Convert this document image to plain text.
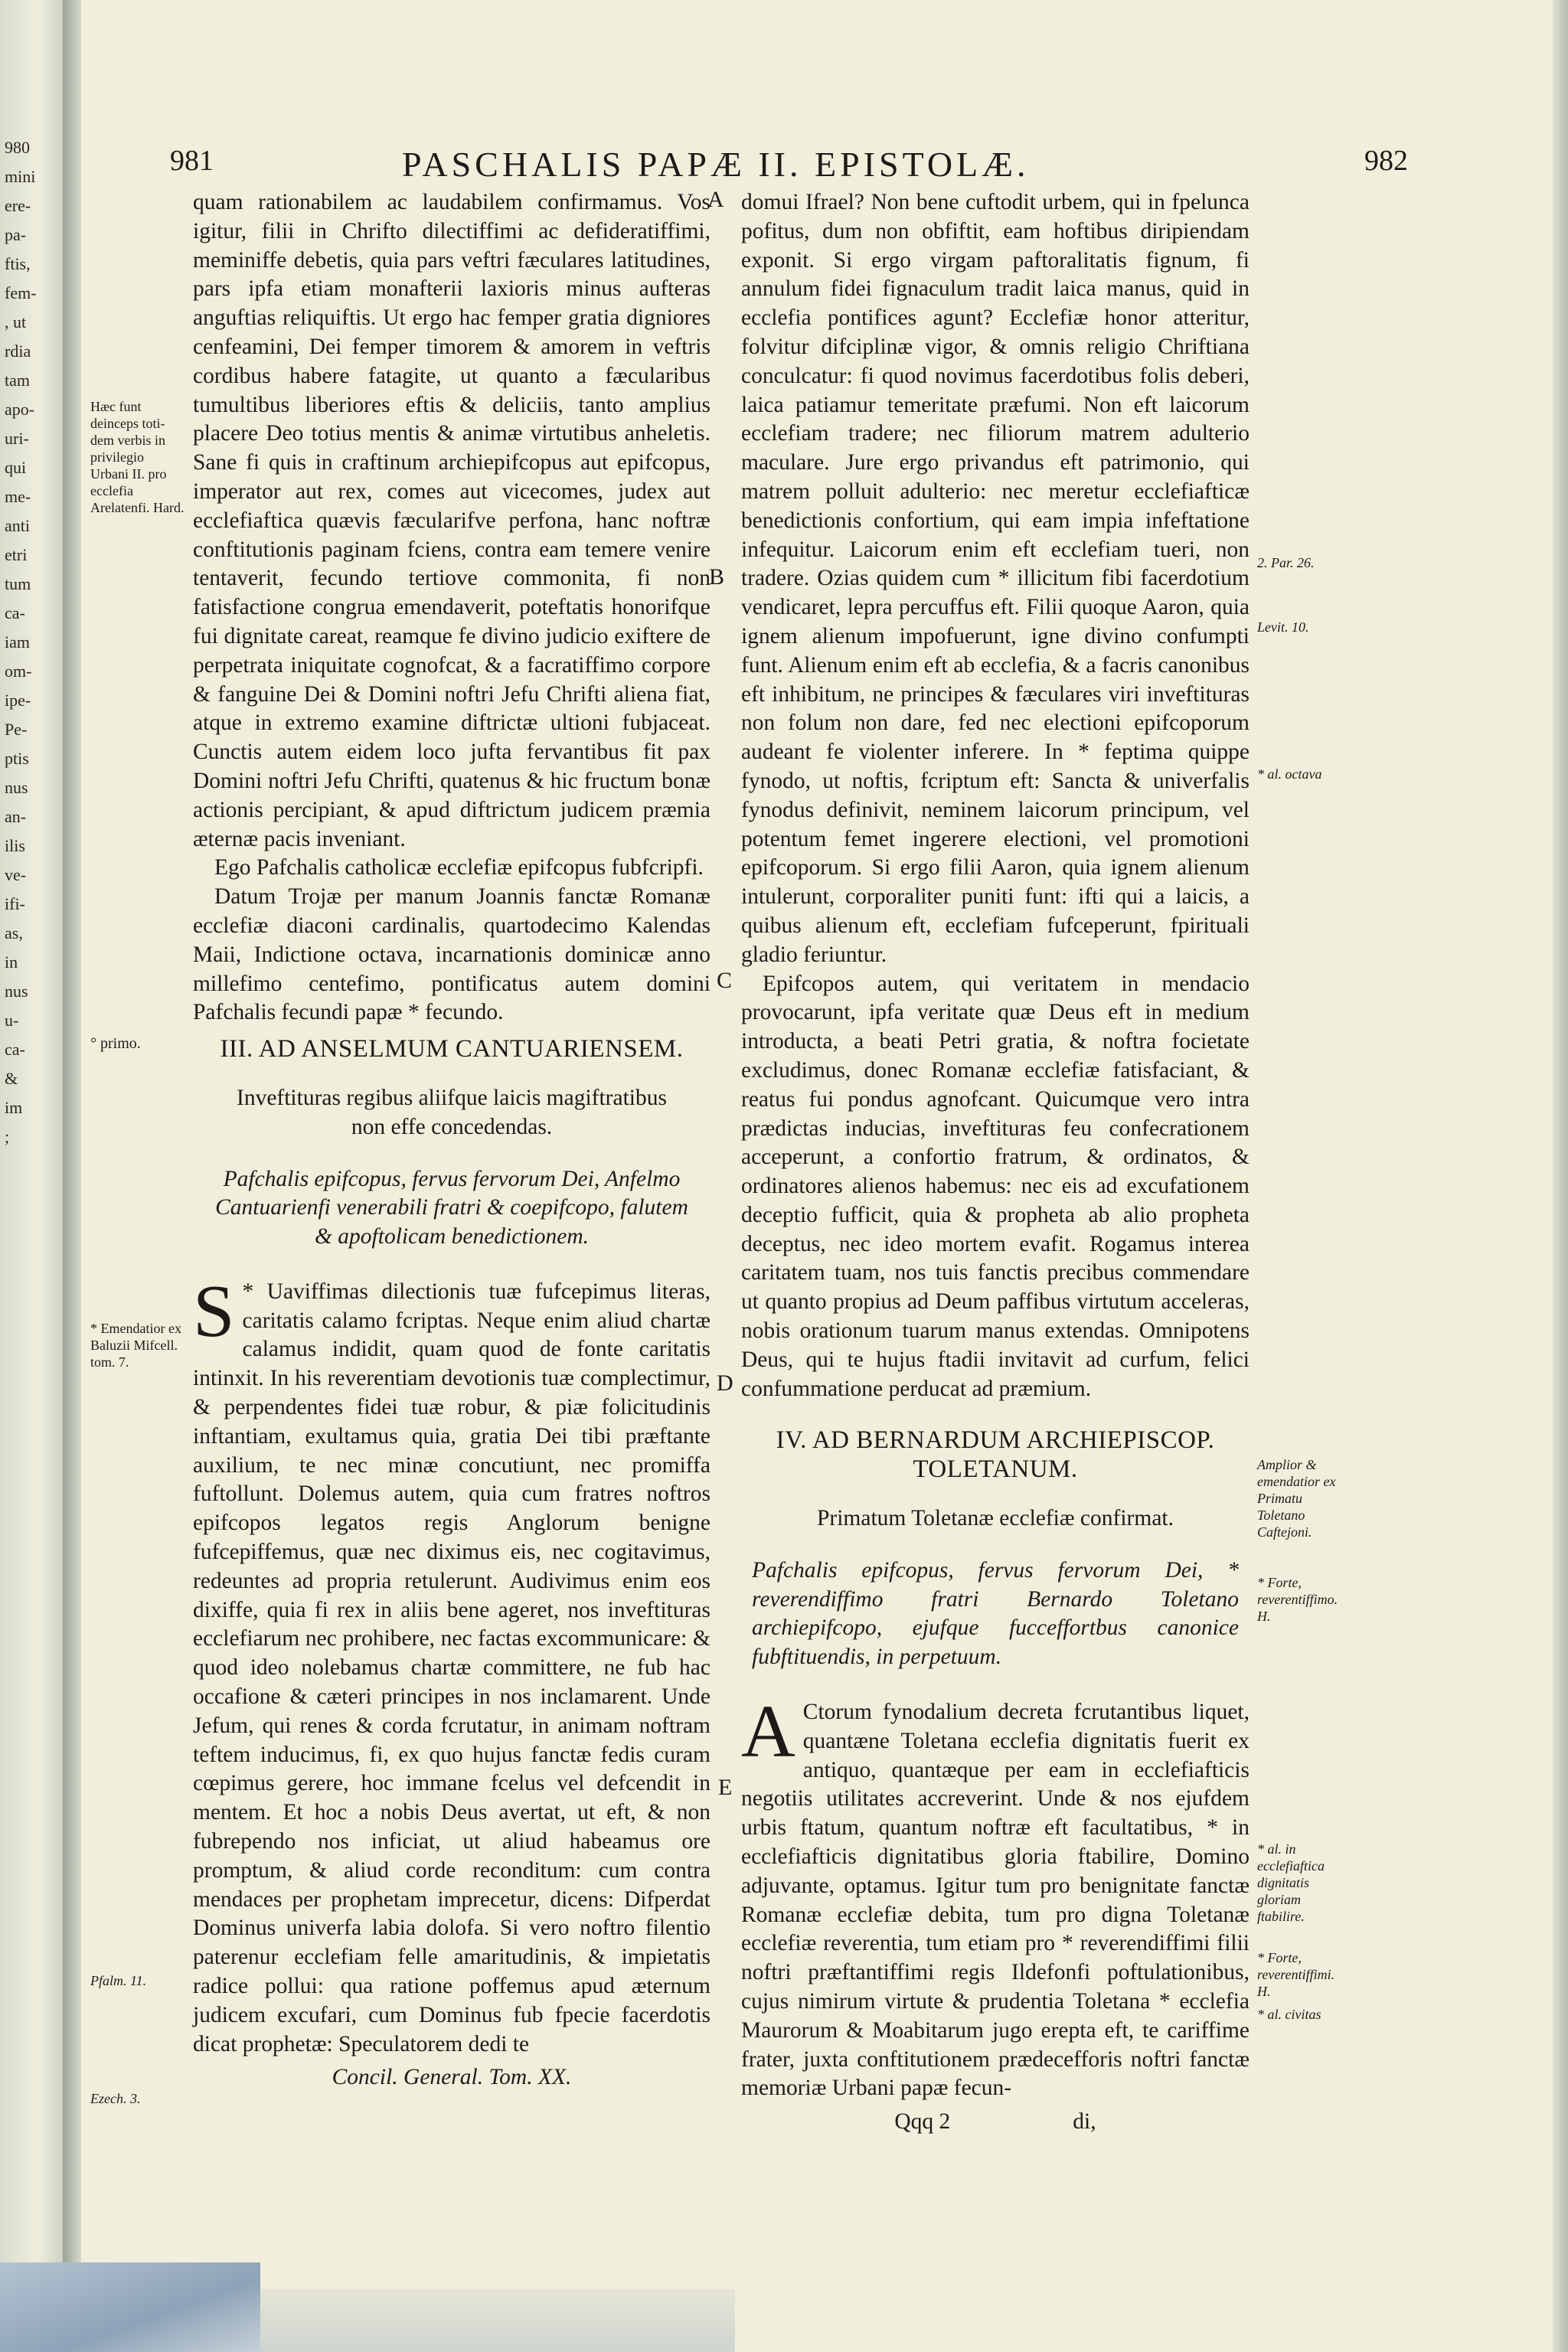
980
mini
ere-
pa-
ftis,
fem-
, ut
rdia
tam
apo-
uri-
qui
me-
anti
etri
tum
ca-
iam
om-
ipe-
Pe-
ptis
nus
an-
ilis
ve-
ifi-
as,
in
nus
u-
ca-
&
im
;
981	PASCHALIS PAPÆ II. EPISTOLÆ.	982
A
B
C
D
E

quam rationabilem ac laudabilem confirmamus. Vos igitur, filii in Chrifto dilectiffimi ac defideratiffimi, meminiffe debetis, quia pars veftri fæculares latitudines, pars ipfa etiam monafterii laxioris minus aufteras anguftias reliquiftis. Ut ergo hac femper gratia digniores cenfeamini, Dei femper timorem & amorem in veftris cordibus habere fatagite, ut quanto a fæcularibus tumultibus liberiores eftis & deliciis, tanto amplius placere Deo totius mentis & animæ virtutibus anheletis. Sane fi quis in craftinum archiepifcopus aut epifcopus, imperator aut rex, comes aut vicecomes, judex aut ecclefiaftica quævis fæcularifve perfona, hanc noftræ conftitutionis paginam fciens, contra eam temere venire tentaverit, fecundo tertiove commonita, fi non fatisfactione congrua emendaverit, poteftatis honorifque fui dignitate careat, reamque fe divino judicio exiftere de perpetrata iniquitate cognofcat, & a facratiffimo corpore & fanguine Dei & Domini noftri Jefu Chrifti aliena fiat, atque in extremo examine diftrictæ ultioni fubjaceat. Cunctis autem eidem loco jufta fervantibus fit pax Domini noftri Jefu Chrifti, quatenus & hic fructum bonæ actionis percipiant, & apud diftrictum judicem præmia æternæ pacis inveniant.

Ego Pafchalis catholicæ ecclefiæ epifcopus fubfcripfi.

Datum Trojæ per manum Joannis fanctæ Romanæ ecclefiæ diaconi cardinalis, quartodecimo Kalendas Maii, Indictione octava, incarnationis dominicæ anno millefimo centefimo, pontificatus autem domini Pafchalis fecundi papæ * fecundo.

III. AD ANSELMUM CANTUARIENSEM.
Inveftituras regibus aliifque laicis magiftratibus non effe concedendas.
Pafchalis epifcopus, fervus fervorum Dei, Anfelmo Cantuarienfi venerabili fratri & coepifcopo, falutem & apoftolicam benedictionem.

S * Uaviffimas dilectionis tuæ fufcepimus literas, caritatis calamo fcriptas. Neque enim aliud chartæ calamus indidit, quam quod de fonte caritatis intinxit. In his reverentiam devotionis tuæ complectimur, & perpendentes fidei tuæ robur, & piæ folicitudinis inftantiam, exultamus quia, gratia Dei tibi præftante auxilium, te nec minæ concutiunt, nec promiffa fuftollunt. Dolemus autem, quia cum fratres noftros epifcopos legatos regis Anglorum benigne fufcepiffemus, quæ nec diximus eis, nec cogitavimus, redeuntes ad propria retulerunt. Audivimus enim eos dixiffe, quia fi rex in aliis bene ageret, nos inveftituras ecclefiarum nec prohibere, nec factas excommunicare: & quod ideo nolebamus chartæ committere, ne fub hac occafione & cæteri principes in nos inclamarent. Unde Jefum, qui renes & corda fcrutatur, in animam noftram teftem inducimus, fi, ex quo hujus fanctæ fedis curam cœpimus gerere, hoc immane fcelus vel defcendit in mentem. Et hoc a nobis Deus avertat, ut eft, & non fubrependo nos inficiat, ut aliud habeamus ore promptum, & aliud corde reconditum: cum contra mendaces per prophetam imprecetur, dicens: Difperdat Dominus univerfa labia dolofa. Si vero noftro filentio paterenur ecclefiam felle amaritudinis, & impietatis radice pollui: qua ratione poffemus apud æternum judicem excufari, cum Dominus fub fpecie facerdotis dicat prophetæ: Speculatorem dedi te

Concil. General. Tom. XX.

domui Ifrael? Non bene cuftodit urbem, qui in fpelunca pofitus, dum non obfiftit, eam hoftibus diripiendam exponit. Si ergo virgam paftoralitatis fignum, fi annulum fidei fignaculum tradit laica manus, quid in ecclefia pontifices agunt? Ecclefiæ honor atteritur, folvitur difciplinæ vigor, & omnis religio Chriftiana conculcatur: fi quod novimus facerdotibus folis deberi, laica patiamur temeritate præfumi. Non eft laicorum ecclefiam tradere; nec filiorum matrem adulterio maculare. Jure ergo privandus eft patrimonio, qui matrem polluit adulterio: nec meretur ecclefiafticæ benedictionis confortium, qui eam impia infeftatione infequitur. Laicorum enim eft ecclefiam tueri, non tradere. Ozias quidem cum * illicitum fibi facerdotium vendicaret, lepra percuffus eft. Filii quoque Aaron, quia ignem alienum impofuerunt, igne divino confumpti funt. Alienum enim eft ab ecclefia, & a facris canonibus eft inhibitum, ne principes & fæculares viri inveftituras non folum non dare, fed nec electioni epifcoporum audeant fe violenter inferere. In * feptima quippe fynodo, ut noftis, fcriptum eft: Sancta & univerfalis fynodus definivit, neminem laicorum principum, vel potentum femet ingerere electioni, vel promotioni epifcoporum. Si ergo filii Aaron, quia ignem alienum intulerunt, corporaliter puniti funt: ifti qui a laicis, a quibus alienum eft, ecclefiam fufceperunt, fpirituali gladio feriuntur.

Epifcopos autem, qui veritatem in mendacio provocarunt, ipfa veritate quæ Deus eft in medium introducta, a beati Petri gratia, & noftra focietate excludimus, donec Romanæ ecclefiæ fatisfaciant, & reatus fui pondus agnofcant. Quicumque vero intra prædictas inducias, inveftituras feu confecrationem acceperunt, a confortio fratrum, & ordinatos, & ordinatores alienos habemus: nec eis ad excufationem deceptio fufficit, quia & propheta ab alio propheta deceptus, nec ideo mortem evafit. Rogamus interea caritatem tuam, nos tuis fanctis precibus commendare ut quanto propius ad Deum paffibus virtutum acceleras, nobis orationum tuarum manus extendas. Omnipotens Deus, qui te hujus ftadii invitavit ad curfum, felici confummatione perducat ad præmium.

IV. AD BERNARDUM ARCHIEPISCOP.
TOLETANUM.
Primatum Toletanæ ecclefiæ confirmat.
Pafchalis epifcopus, fervus fervorum Dei, * reverendiffimo fratri Bernardo Toletano archiepifcopo, ejufque fucceffortbus canonice fubftituendis, in perpetuum.

A Ctorum fynodalium decreta fcrutantibus liquet, quantæne Toletana ecclefia dignitatis fuerit ex antiquo, quantæque per eam in ecclefiafticis negotiis utilitates accreverint. Unde & nos ejufdem urbis ftatum, quantum noftræ eft facultatibus, * in ecclefiafticis dignitatibus gloria ftabilire, Domino adjuvante, optamus. Igitur tum pro benignitate fanctæ Romanæ ecclefiæ debita, tum pro digna Toletanæ ecclefiæ reverentia, tum etiam pro * reverendiffimi filii noftri præftantiffimi regis Ildefonfi poftulationibus, cujus nimirum virtute & prudentia Toletana * ecclefia Maurorum & Moabitarum jugo erepta eft, te cariffime frater, juxta conftitutionem prædecefforis noftri fanctæ memoriæ Urbani papæ fecun-

Qqq 2	di,

Hæc funt deinceps toti-dem verbis in privilegio Urbani II. pro ecclefia Arelatenfi. Hard.
° primo.
* Emendatior ex Baluzii Mifcell. tom. 7.
Pfalm. 11.
Ezech. 3.
2. Par. 26.
Levit. 10.
* al. octava
Amplior & emendatior ex Primatu Toletano Caftejoni.
* Forte, reverentiffimo. H.
* al. in ecclefiaftica dignitatis gloriam ftabilire.
* Forte, reverentiffimi. H.
* al. civitas
